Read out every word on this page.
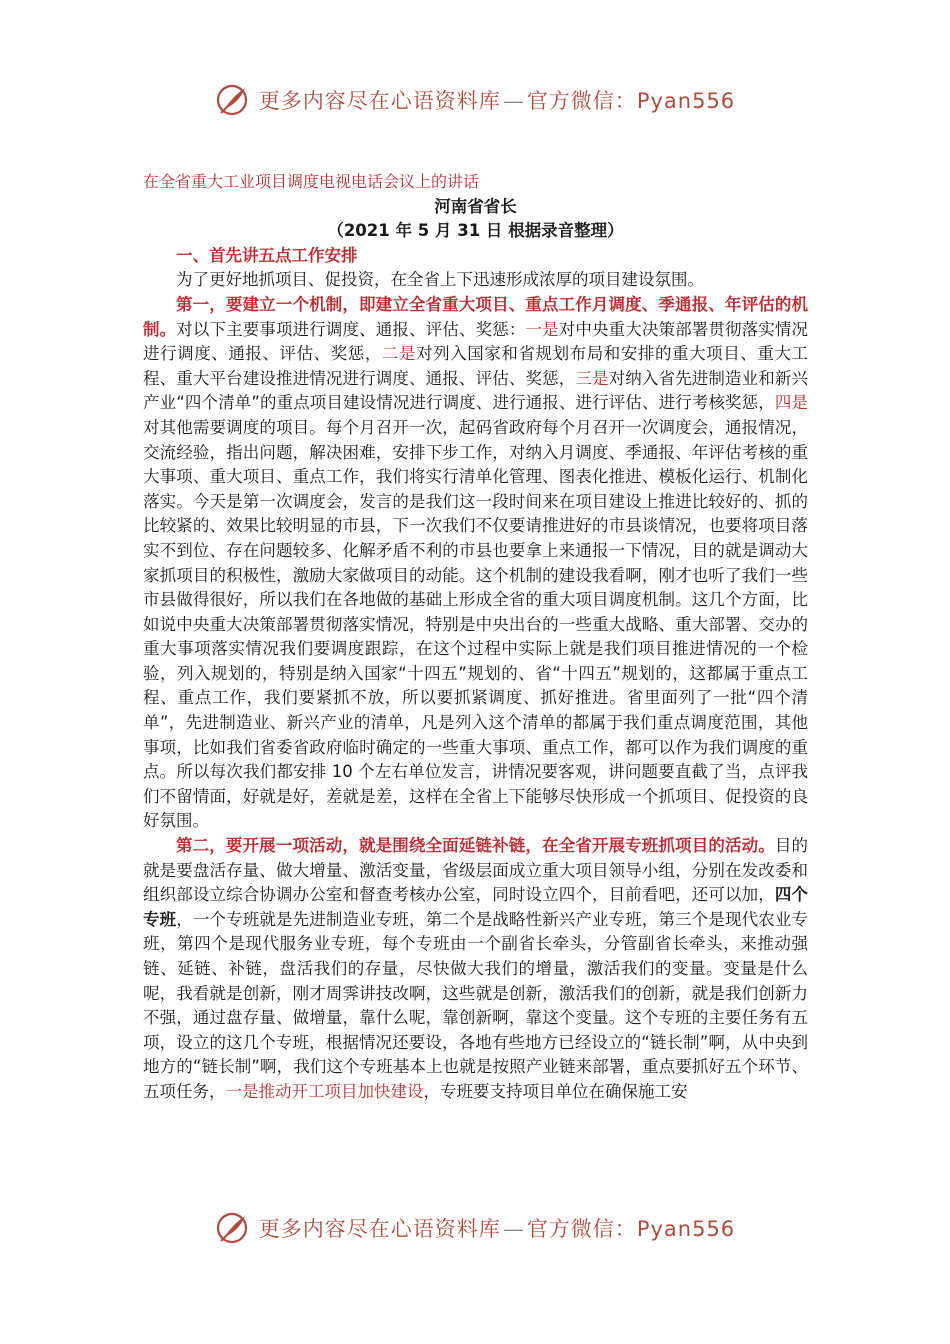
更多内容尽在心语资料库—官方微信：Pyan556

在全省重大工业项目调度电视电话会议上的讲话

河南省省长

（2021 年 5 月 31 日 根据录音整理）

一、首先讲五点工作安排

为了更好地抓项目、促投资，在全省上下迅速形成浓厚的项目建设氛围。

第一，要建立一个机制，即建立全省重大项目、重点工作月调度、季通报、年评估的机制。对以下主要事项进行调度、通报、评估、奖惩：一是对中央重大决策部署贯彻落实情况进行调度、通报、评估、奖惩，二是对列入国家和省规划布局和安排的重大项目、重大工程、重大平台建设推进情况进行调度、通报、评估、奖惩，三是对纳入省先进制造业和新兴产业“四个清单”的重点项目建设情况进行调度、进行通报、进行评估、进行考核奖惩，四是对其他需要调度的项目。每个月召开一次，起码省政府每个月召开一次调度会，通报情况，交流经验，指出问题，解决困难，安排下步工作，对纳入月调度、季通报、年评估考核的重大事项、重大项目、重点工作，我们将实行清单化管理、图表化推进、模板化运行、机制化落实。今天是第一次调度会，发言的是我们这一段时间来在项目建设上推进比较好的、抓的比较紧的、效果比较明显的市县，下一次我们不仅要请推进好的市县谈情况，也要将项目落实不到位、存在问题较多、化解矛盾不利的市县也要拿上来通报一下情况，目的就是调动大家抓项目的积极性，激励大家做项目的动能。这个机制的建设我看啊，刚才也听了我们一些市县做得很好，所以我们在各地做的基础上形成全省的重大项目调度机制。这几个方面，比如说中央重大决策部署贯彻落实情况，特别是中央出台的一些重大战略、重大部署、交办的重大事项落实情况我们要调度跟踪，在这个过程中实际上就是我们项目推进情况的一个检验，列入规划的，特别是纳入国家“十四五”规划的、省“十四五”规划的，这都属于重点工程、重点工作，我们要紧抓不放，所以要抓紧调度、抓好推进。省里面列了一批“四个清单”，先进制造业、新兴产业的清单，凡是列入这个清单的都属于我们重点调度范围，其他事项，比如我们省委省政府临时确定的一些重大事项、重点工作，都可以作为我们调度的重点。所以每次我们都安排 10 个左右单位发言，讲情况要客观，讲问题要直截了当，点评我们不留情面，好就是好，差就是差，这样在全省上下能够尽快形成一个抓项目、促投资的良好氛围。

第二，要开展一项活动，就是围绕全面延链补链，在全省开展专班抓项目的活动。目的就是要盘活存量、做大增量、激活变量，省级层面成立重大项目领导小组，分别在发改委和组织部设立综合协调办公室和督查考核办公室，同时设立四个，目前看吧，还可以加，四个专班，一个专班就是先进制造业专班，第二个是战略性新兴产业专班，第三个是现代农业专班，第四个是现代服务业专班，每个专班由一个副省长牵头，分管副省长牵头，来推动强链、延链、补链，盘活我们的存量，尽快做大我们的增量，激活我们的变量。变量是什么呢，我看就是创新，刚才周霁讲技改啊，这些就是创新，激活我们的创新，就是我们创新力不强，通过盘存量、做增量，靠什么呢，靠创新啊，靠这个变量。这个专班的主要任务有五项，设立的这几个专班，根据情况还要设，各地有些地方已经设立的“链长制”啊，从中央到地方的“链长制”啊，我们这个专班基本上也就是按照产业链来部署，重点要抓好五个环节、五项任务，一是推动开工项目加快建设，专班要支持项目单位在确保施工安

更多内容尽在心语资料库—官方微信：Pyan556
